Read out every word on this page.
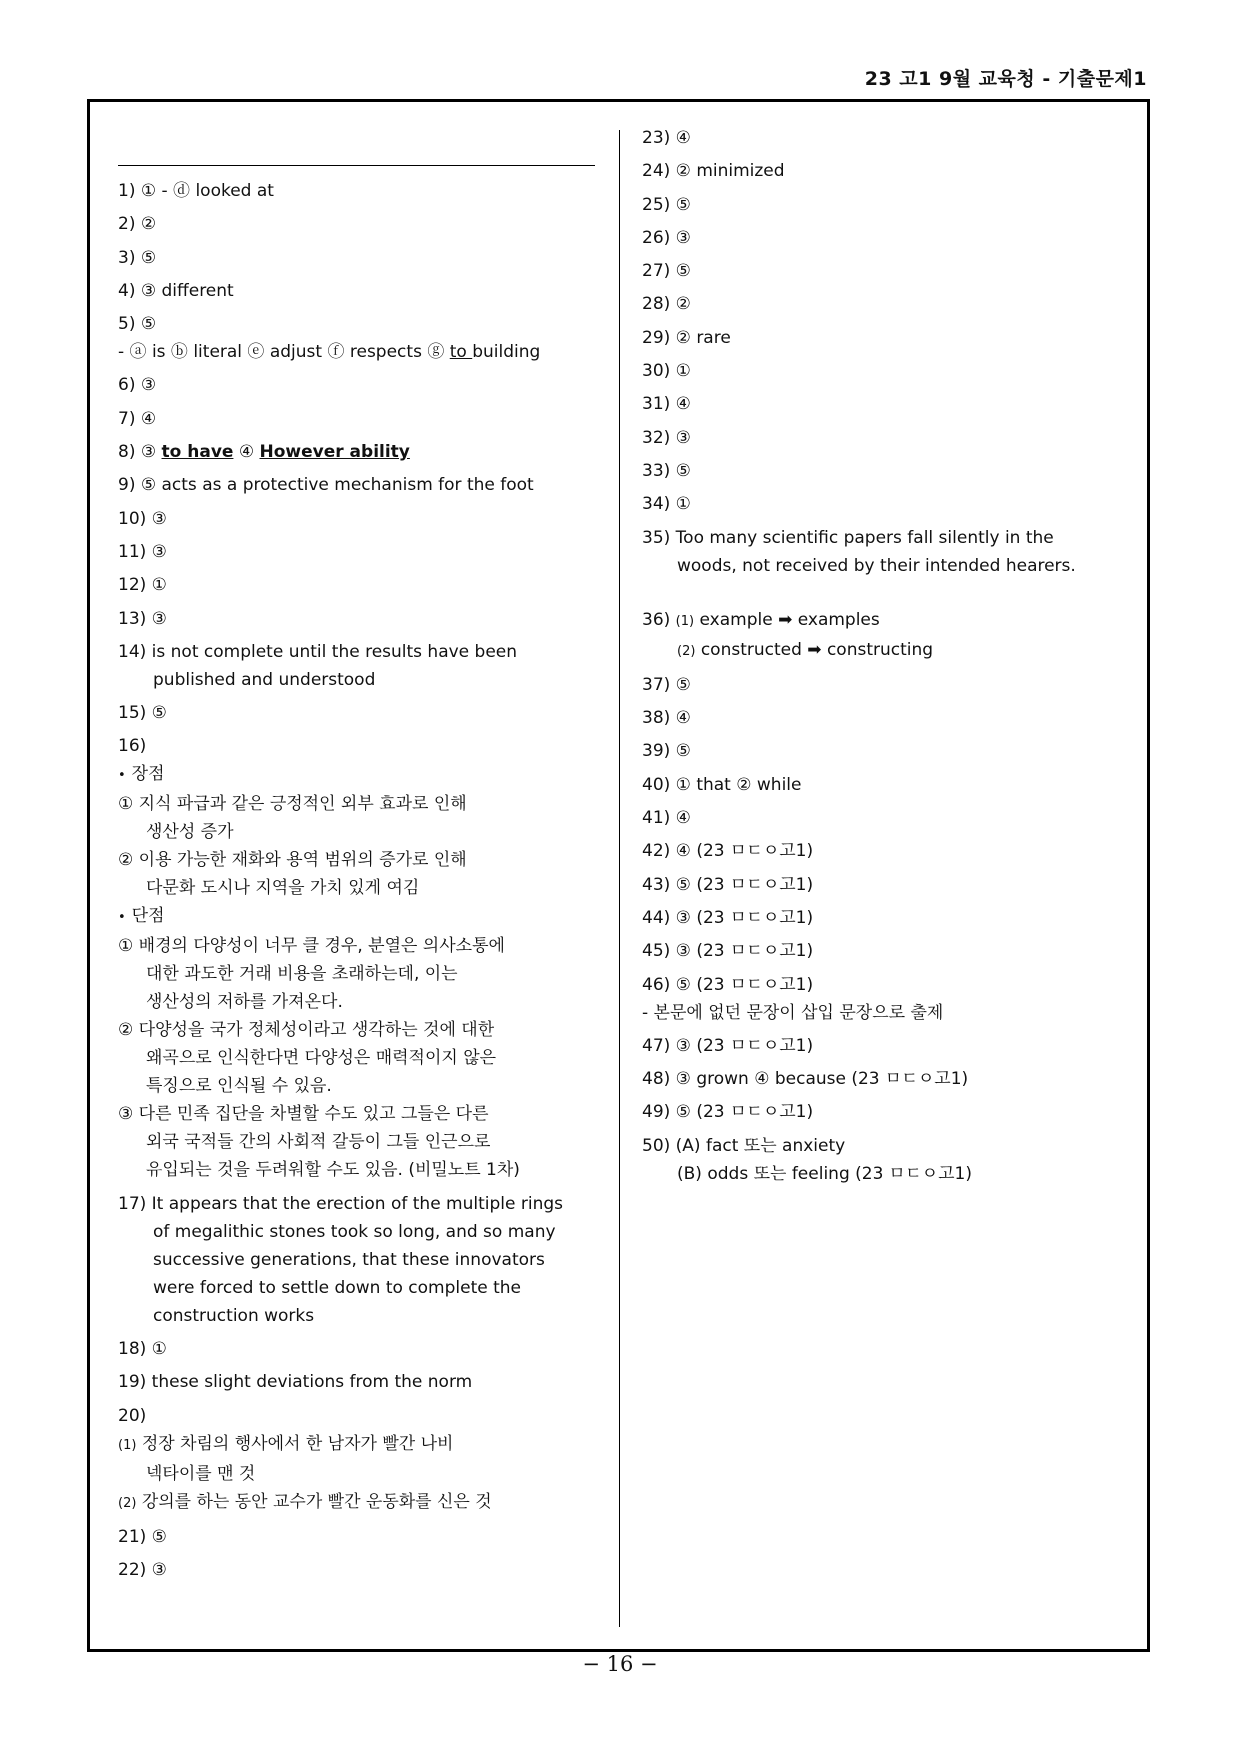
23 고1 9월 교육청 - 기출문제1
1) ① - ⓓ looked at
2) ②
3) ⑤
4) ③ different
5) ⑤
- ⓐ is ⓑ literal ⓔ adjust ⓕ respects ⓖ to building
6) ③
7) ④
8) ③ to have ④ However ability
9) ⑤ acts as a protective mechanism for the foot
10) ③
11) ③
12) ①
13) ③
14) is not complete until the results have been
published and understood
15) ⑤
16)
• 장점
① 지식 파급과 같은 긍정적인 외부 효과로 인해
생산성 증가
② 이용 가능한 재화와 용역 범위의 증가로 인해
다문화 도시나 지역을 가치 있게 여김
• 단점
① 배경의 다양성이 너무 클 경우, 분열은 의사소통에
대한 과도한 거래 비용을 초래하는데, 이는
생산성의 저하를 가져온다.
② 다양성을 국가 정체성이라고 생각하는 것에 대한
왜곡으로 인식한다면 다양성은 매력적이지 않은
특징으로 인식될 수 있음.
③ 다른 민족 집단을 차별할 수도 있고 그들은 다른
외국 국적들 간의 사회적 갈등이 그들 인근으로
유입되는 것을 두려워할 수도 있음. (비밀노트 1차)
17) It appears that the erection of the multiple rings
of megalithic stones took so long, and so many
successive generations, that these innovators
were forced to settle down to complete the
construction works
18) ①
19) these slight deviations from the norm
20)
(1) 정장 차림의 행사에서 한 남자가 빨간 나비
넥타이를 맨 것
(2) 강의를 하는 동안 교수가 빨간 운동화를 신은 것
21) ⑤
22) ③
23) ④
24) ② minimized
25) ⑤
26) ③
27) ⑤
28) ②
29) ② rare
30) ①
31) ④
32) ③
33) ⑤
34) ①
35) Too many scientific papers fall silently in the
woods, not received by their intended hearers.
36) (1) example ➡ examples
(2) constructed ➡ constructing
37) ⑤
38) ④
39) ⑤
40) ① that ② while
41) ④
42) ④ (23 ㅁㄷㅇ고1)
43) ⑤ (23 ㅁㄷㅇ고1)
44) ③ (23 ㅁㄷㅇ고1)
45) ③ (23 ㅁㄷㅇ고1)
46) ⑤ (23 ㅁㄷㅇ고1)
- 본문에 없던 문장이 삽입 문장으로 출제
47) ③ (23 ㅁㄷㅇ고1)
48) ③ grown ④ because (23 ㅁㄷㅇ고1)
49) ⑤ (23 ㅁㄷㅇ고1)
50) (A) fact 또는 anxiety
(B) odds 또는 feeling (23 ㅁㄷㅇ고1)
− 16 −
